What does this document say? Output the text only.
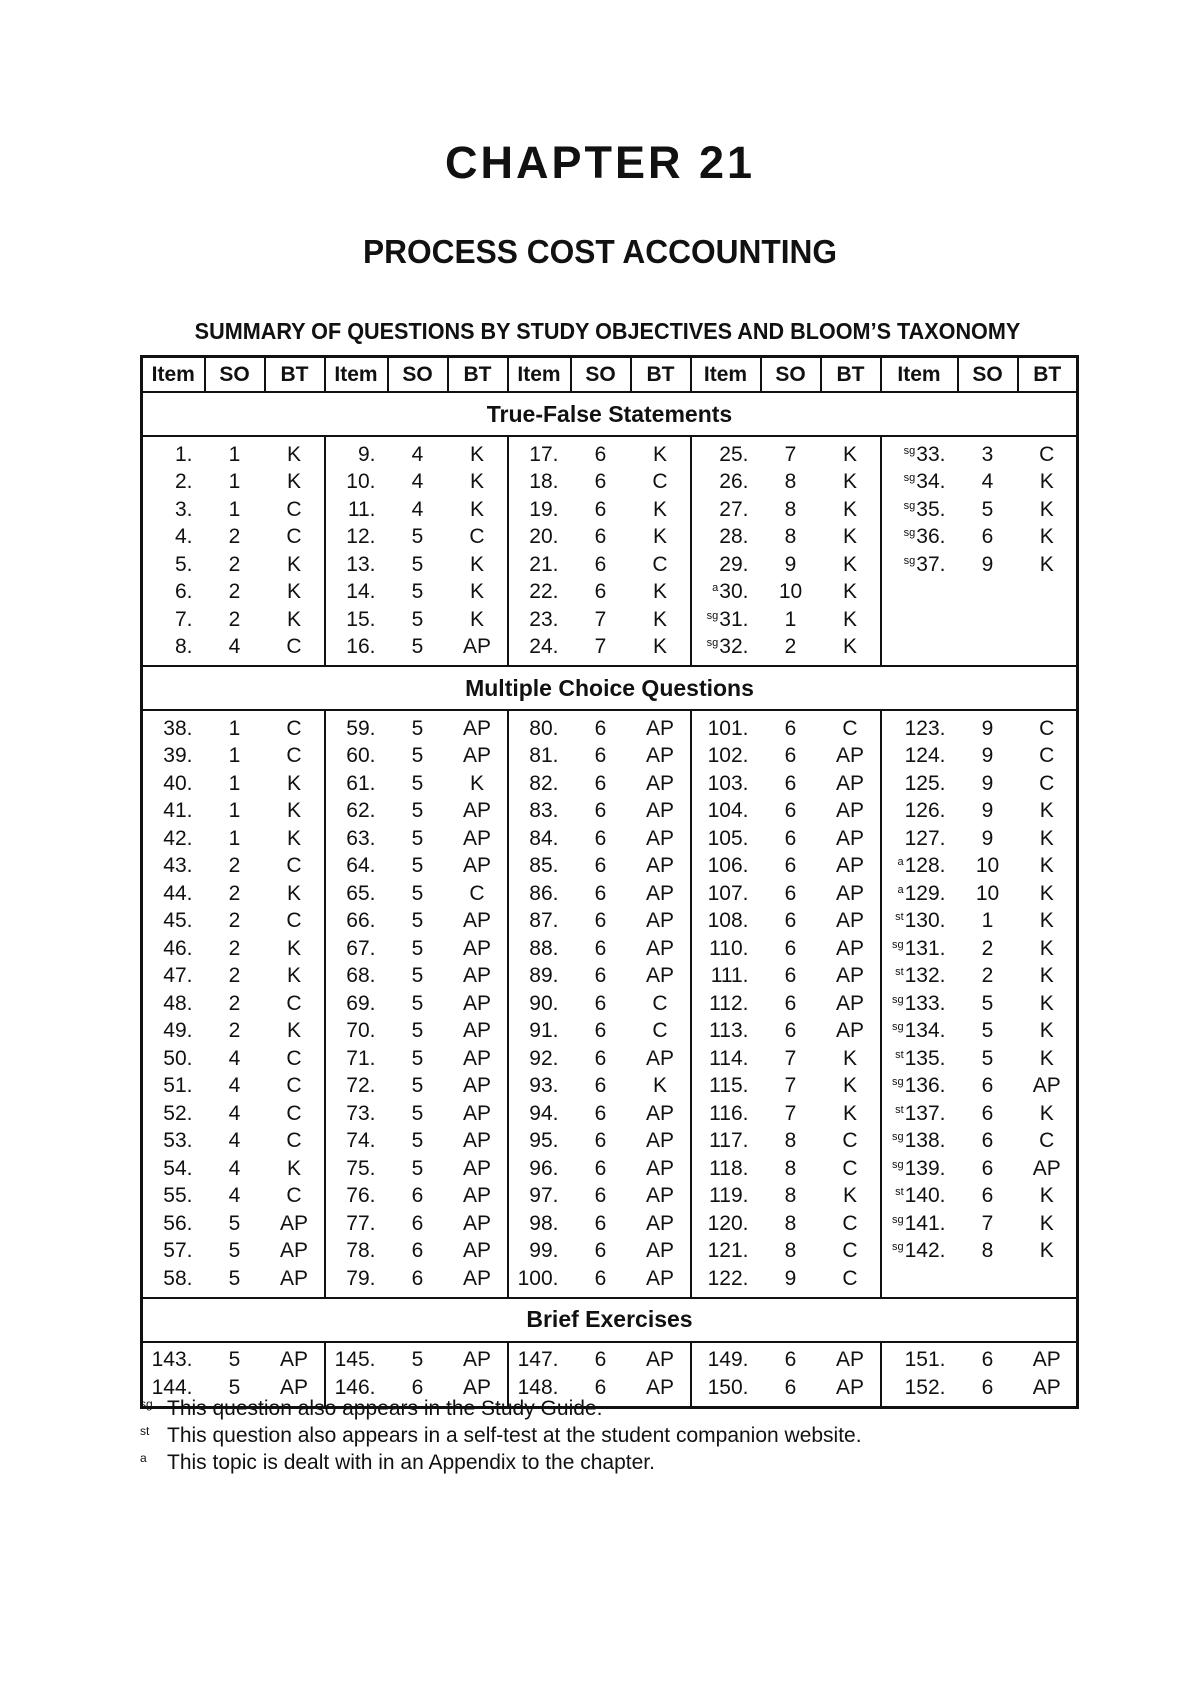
CHAPTER 21
PROCESS COST ACCOUNTING
SUMMARY OF QUESTIONS BY STUDY OBJECTIVES AND BLOOM’S TAXONOMY
Item	SO	BT	Item	SO	BT	Item	SO	BT	Item	SO	BT	Item	SO	BT
True-False Statements														
1.	1	K	9.	4	K	17.	6	K	25.	7	K	$^{sg}$33.	3	C
2.	1	K	10.	4	K	18.	6	C	26.	8	K	$^{sg}$34.	4	K
3.	1	C	11.	4	K	19.	6	K	27.	8	K	$^{sg}$35.	5	K
4.	2	C	12.	5	C	20.	6	K	28.	8	K	$^{sg}$36.	6	K
5.	2	K	13.	5	K	21.	6	C	29.	9	K	$^{sg}$37.	9	K
6.	2	K	14.	5	K	22.	6	K	$^a$30.	10	K			
7.	2	K	15.	5	K	23.	7	K	$^{sg}$31.	1	K			
8.	4	C	16.	5	AP	24.	7	K	$^{sg}$32.	2	K			
Multiple Choice Questions														
38.	1	C	59.	5	AP	80.	6	AP	101.	6	C	123.	9	C
39.	1	C	60.	5	AP	81.	6	AP	102.	6	AP	124.	9	C
40.	1	K	61.	5	K	82.	6	AP	103.	6	AP	125.	9	C
41.	1	K	62.	5	AP	83.	6	AP	104.	6	AP	126.	9	K
42.	1	K	63.	5	AP	84.	6	AP	105.	6	AP	127.	9	K
43.	2	C	64.	5	AP	85.	6	AP	106.	6	AP	$^a$128.	10	K
44.	2	K	65.	5	C	86.	6	AP	107.	6	AP	$^a$129.	10	K
45.	2	C	66.	5	AP	87.	6	AP	108.	6	AP	$^{st}$130.	1	K
46.	2	K	67.	5	AP	88.	6	AP	110.	6	AP	$^{sg}$131.	2	K
47.	2	K	68.	5	AP	89.	6	AP	111.	6	AP	$^{st}$132.	2	K
48.	2	C	69.	5	AP	90.	6	C	112.	6	AP	$^{sg}$133.	5	K
49.	2	K	70.	5	AP	91.	6	C	113.	6	AP	$^{sg}$134.	5	K
50.	4	C	71.	5	AP	92.	6	AP	114.	7	K	$^{st}$135.	5	K
51.	4	C	72.	5	AP	93.	6	K	115.	7	K	$^{sg}$136.	6	AP
52.	4	C	73.	5	AP	94.	6	AP	116.	7	K	$^{st}$137.	6	K
53.	4	C	74.	5	AP	95.	6	AP	117.	8	C	$^{sg}$138.	6	C
54.	4	K	75.	5	AP	96.	6	AP	118.	8	C	$^{sg}$139.	6	AP
55.	4	C	76.	6	AP	97.	6	AP	119.	8	K	$^{st}$140.	6	K
56.	5	AP	77.	6	AP	98.	6	AP	120.	8	C	$^{sg}$141.	7	K
57.	5	AP	78.	6	AP	99.	6	AP	121.	8	C	$^{sg}$142.	8	K
58.	5	AP	79.	6	AP	100.	6	AP	122.	9	C			
Brief Exercises														
143.	5	AP	145.	5	AP	147.	6	AP	149.	6	AP	151.	6	AP
144.	5	AP	146.	6	AP	148.	6	AP	150.	6	AP	152.	6	AP
sg This question also appears in the Study Guide.
st This question also appears in a self-test at the student companion website.
a This topic is dealt with in an Appendix to the chapter.
